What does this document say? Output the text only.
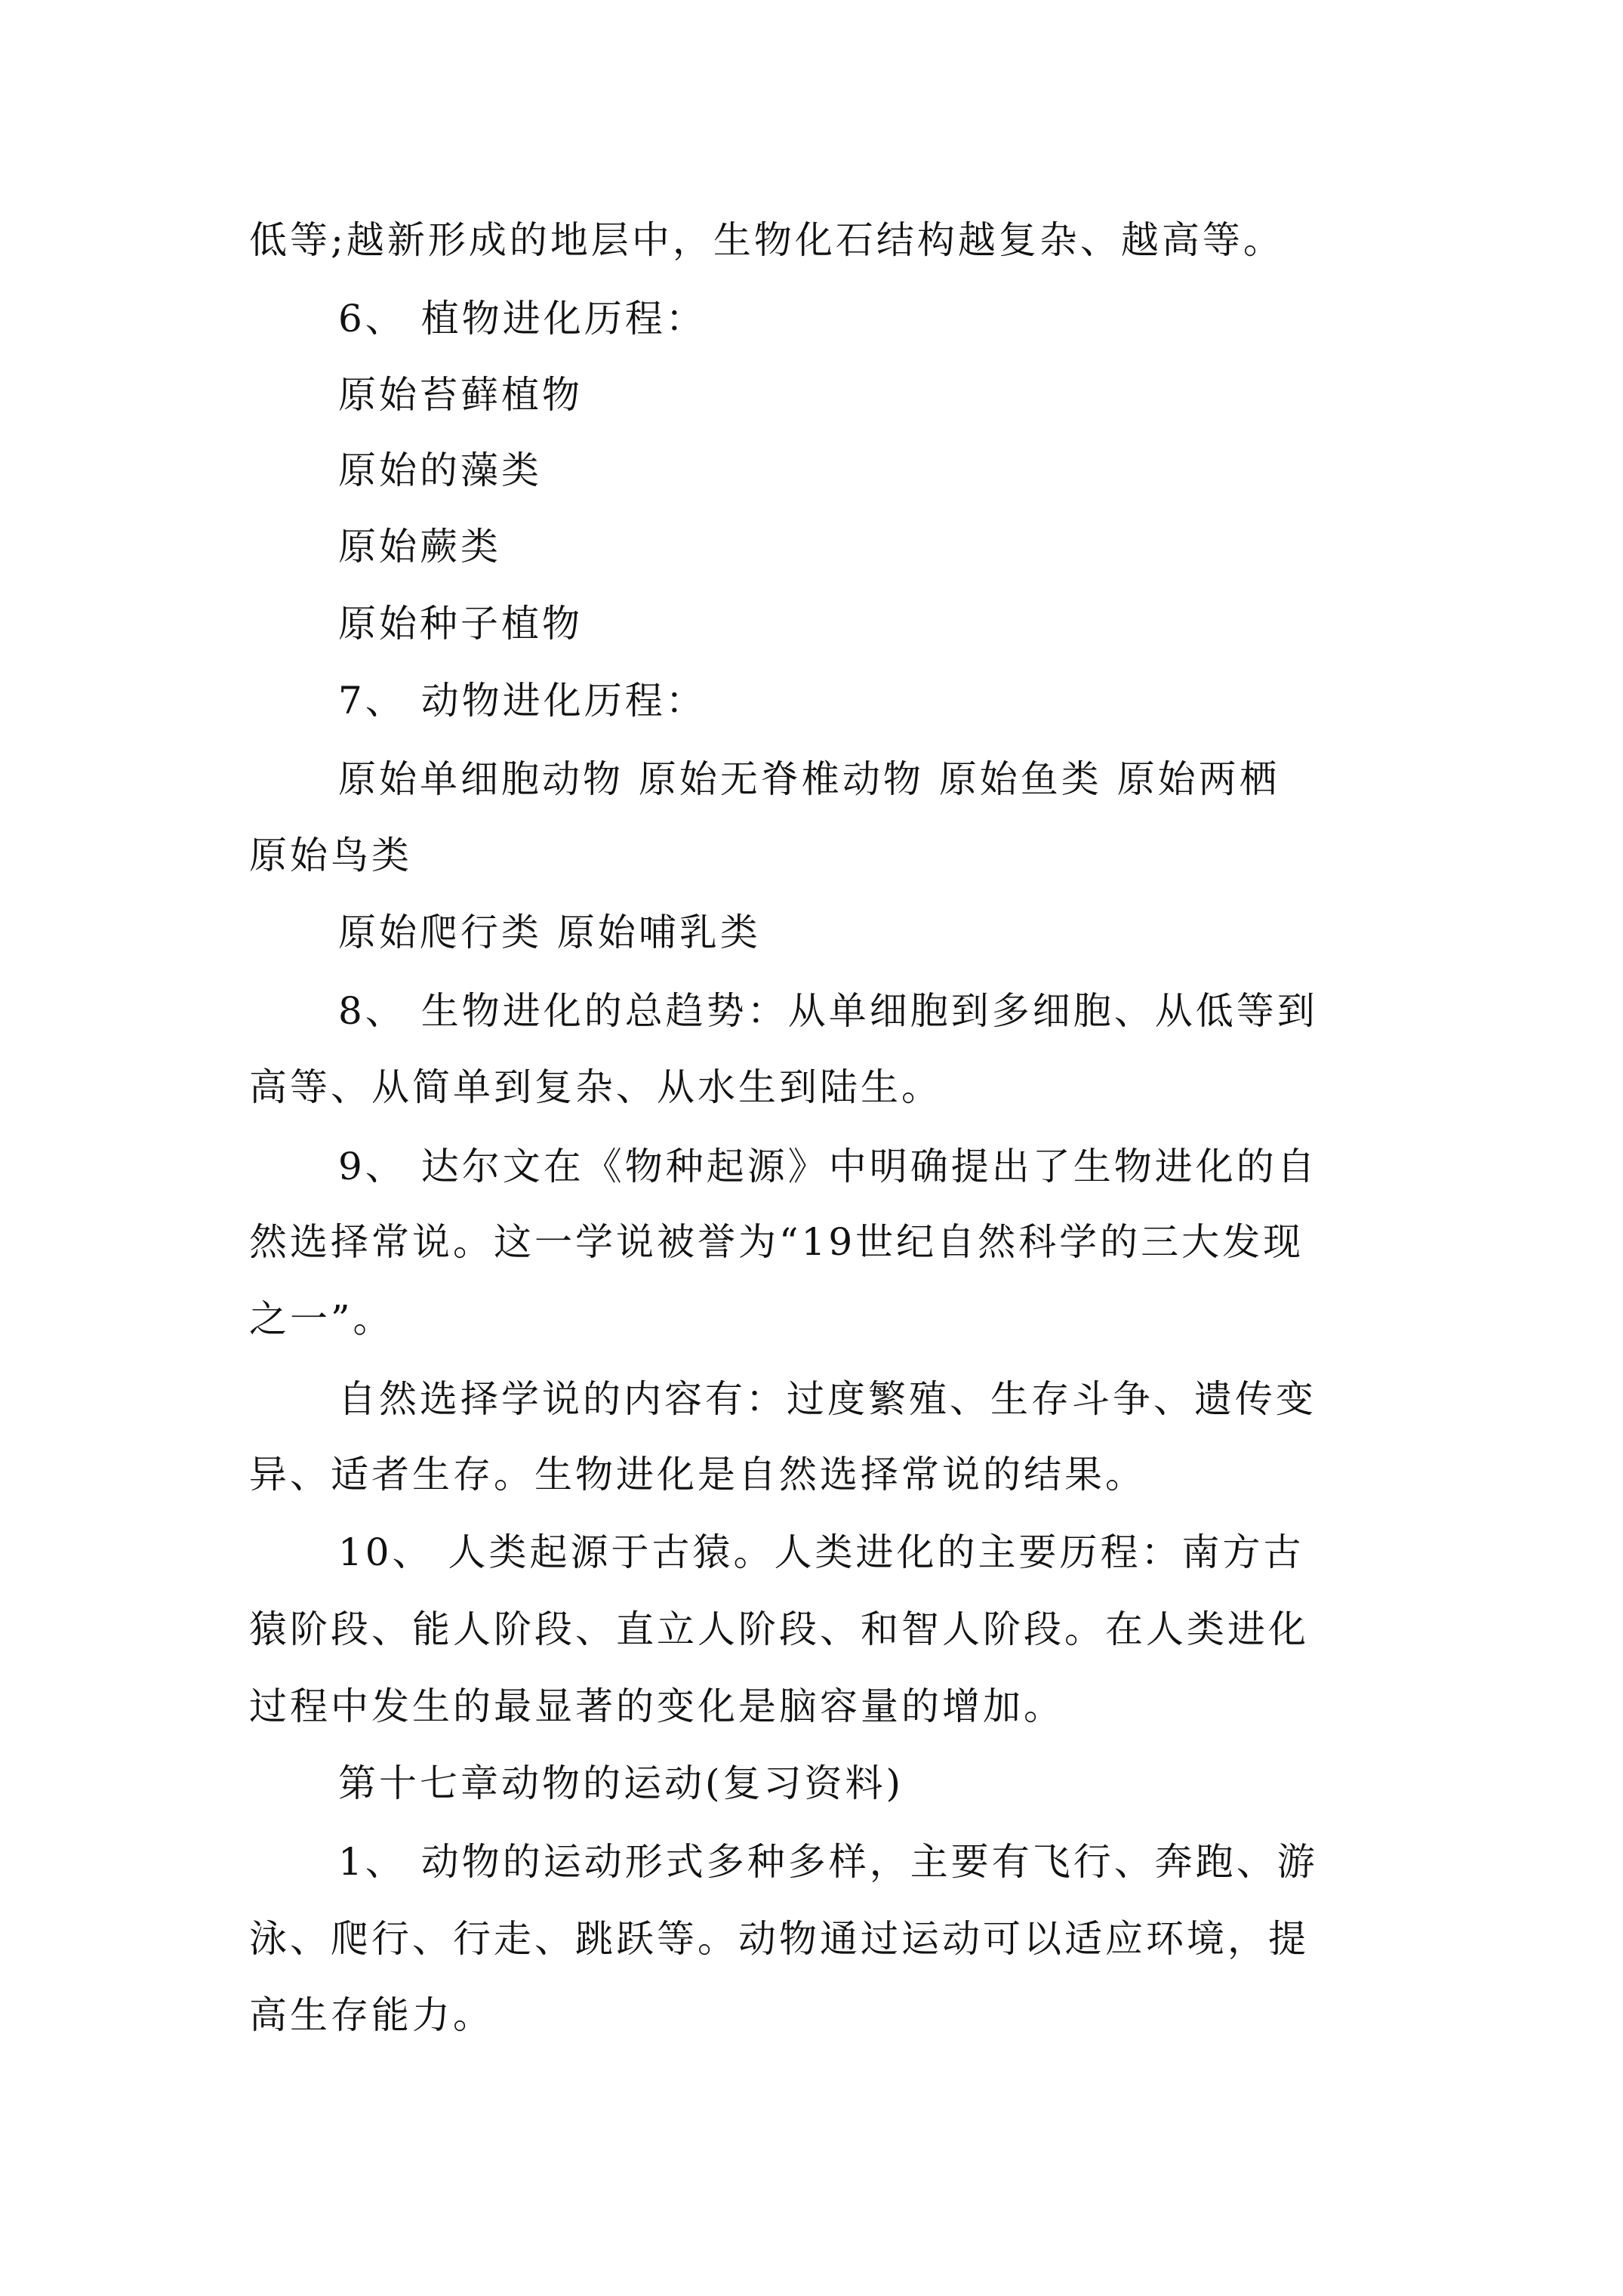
低等;越新形成的地层中，生物化石结构越复杂、越高等。
6、 植物进化历程：
原始苔藓植物
原始的藻类
原始蕨类
原始种子植物
7、 动物进化历程：
原始单细胞动物 原始无脊椎动物 原始鱼类 原始两栖
原始鸟类
原始爬行类 原始哺乳类
8、 生物进化的总趋势：从单细胞到多细胞、从低等到
高等、从简单到复杂、从水生到陆生。
9、 达尔文在《物种起源》中明确提出了生物进化的自
然选择常说。这一学说被誉为“19世纪自然科学的三大发现
之一”。
自然选择学说的内容有：过度繁殖、生存斗争、遗传变
异、适者生存。生物进化是自然选择常说的结果。
10、 人类起源于古猿。人类进化的主要历程：南方古
猿阶段、能人阶段、直立人阶段、和智人阶段。在人类进化
过程中发生的最显著的变化是脑容量的增加。
第十七章动物的运动(复习资料)
1、 动物的运动形式多种多样，主要有飞行、奔跑、游
泳、爬行、行走、跳跃等。动物通过运动可以适应环境，提
高生存能力。
